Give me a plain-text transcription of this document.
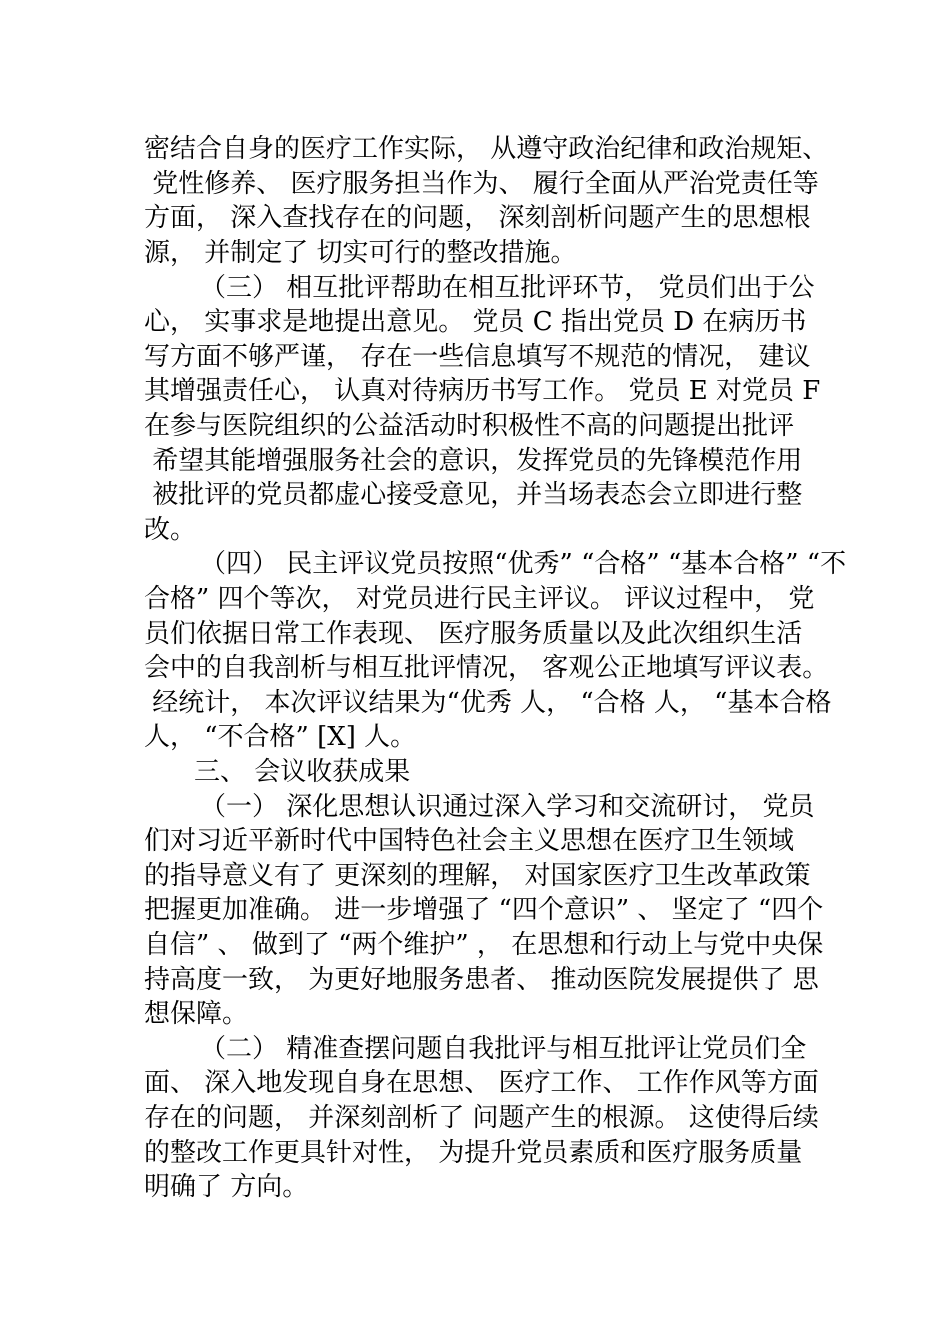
密结合自身的医疗工作实际， 从遵守政治纪律和政治规矩、
党性修养、 医疗服务担当作为、 履行全面从严治党责任等
方面， 深入查找存在的问题， 深刻剖析问题产生的思想根
源， 并制定了 切实可行的整改措施。
（三） 相互批评帮助在相互批评环节， 党员们出于公
心， 实事求是地提出意见。 党员 C 指出党员 D 在病历书
写方面不够严谨， 存在一些信息填写不规范的情况， 建议
其增强责任心， 认真对待病历书写工作。 党员 E 对党员 F
在参与医院组织的公益活动时积极性不高的问题提出批评
希望其能增强服务社会的意识，发挥党员的先锋模范作用
被批评的党员都虚心接受意见，并当场表态会立即进行整
改。
（四） 民主评议党员按照“优秀” “合格” “基本合格” “不
合格” 四个等次， 对党员进行民主评议。 评议过程中， 党
员们依据日常工作表现、 医疗服务质量以及此次组织生活
会中的自我剖析与相互批评情况， 客观公正地填写评议表。
经统计， 本次评议结果为“优秀 人， “合格 人， “基本合格
人， “不合格” [X] 人。
三、 会议收获成果
（一） 深化思想认识通过深入学习和交流研讨， 党员
们对习近平新时代中国特色社会主义思想在医疗卫生领域
的指导意义有了 更深刻的理解， 对国家医疗卫生改革政策
把握更加准确。 进一步增强了 “四个意识” 、 坚定了 “四个
自信” 、 做到了 “两个维护” ， 在思想和行动上与党中央保
持高度一致， 为更好地服务患者、 推动医院发展提供了 思
想保障。
（二） 精准查摆问题自我批评与相互批评让党员们全
面、 深入地发现自身在思想、 医疗工作、 工作作风等方面
存在的问题， 并深刻剖析了 问题产生的根源。 这使得后续
的整改工作更具针对性， 为提升党员素质和医疗服务质量
明确了 方向。
